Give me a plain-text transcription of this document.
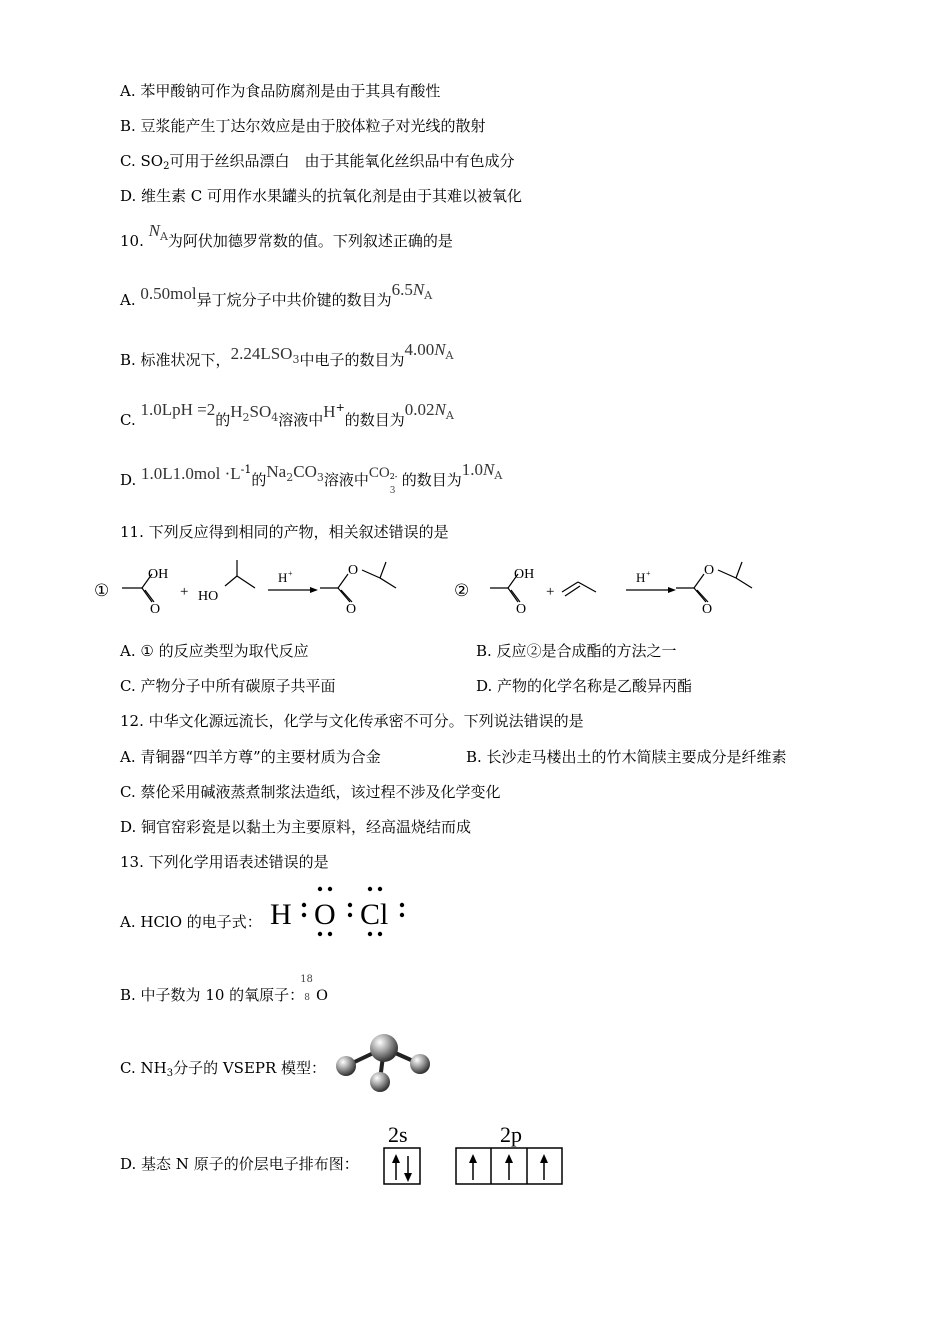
A. 苯甲酸钠可作为食品防腐剂是由于其具有酸性
B. 豆浆能产生丁达尔效应是由于胶体粒子对光线的散射
C. $SO_2$可用于丝织品漂白　由于其能氧化丝织品中有色成分
D. 维生素 C 可用作水果罐头的抗氧化剂是由于其难以被氧化
10. $N^A$为阿伏加德罗常数的值。下列叙述正确的是
A. 0.50mol异丁烷分子中共价键的数目为$6.5N^A$
B. 标准状况下，2.24LSO3中电子的数目为$4.00N^A$
C. 1.0LpH =2的$H^2SO^4$溶液中H+的数目为$0.02N^A$
D. $1.0L1.0mol \cdot L^{-1}$的$Na^2CO^3$溶液中CO 2-
3
的数目为$1.0N^A$
11. 下列反应得到相同的产物，相关叙述错误的是
①
OH
O
+ HO
H +	O
O
②
OH
O
+
H +	O
O
A. ① 的反应类型为取代反应	B. 反应②是合成酯的方法之一
C. 产物分子中所有碳原子共平面	D. 产物的化学名称是乙酸异丙酯
12. 中华文化源远流长，化学与文化传承密不可分。下列说法错误的是
A. 青铜器“四羊方尊”的主要材质为合金	B. 长沙走马楼出土的竹木简牍主要成分是纤维素
C. 蔡伦采用碱液蒸煮制浆法造纸，该过程不涉及化学变化
D. 铜官窑彩瓷是以黏土为主要原料，经高温烧结而成
13. 下列化学用语表述错误的是
A. HClO 的电子式： H O Cl
B. 中子数为 10 的氧原子：
18
8 O
C. $NH_3$分子的 VSEPR 模型：
D. 基态 N 原子的价层电子排布图：
2s	2p
